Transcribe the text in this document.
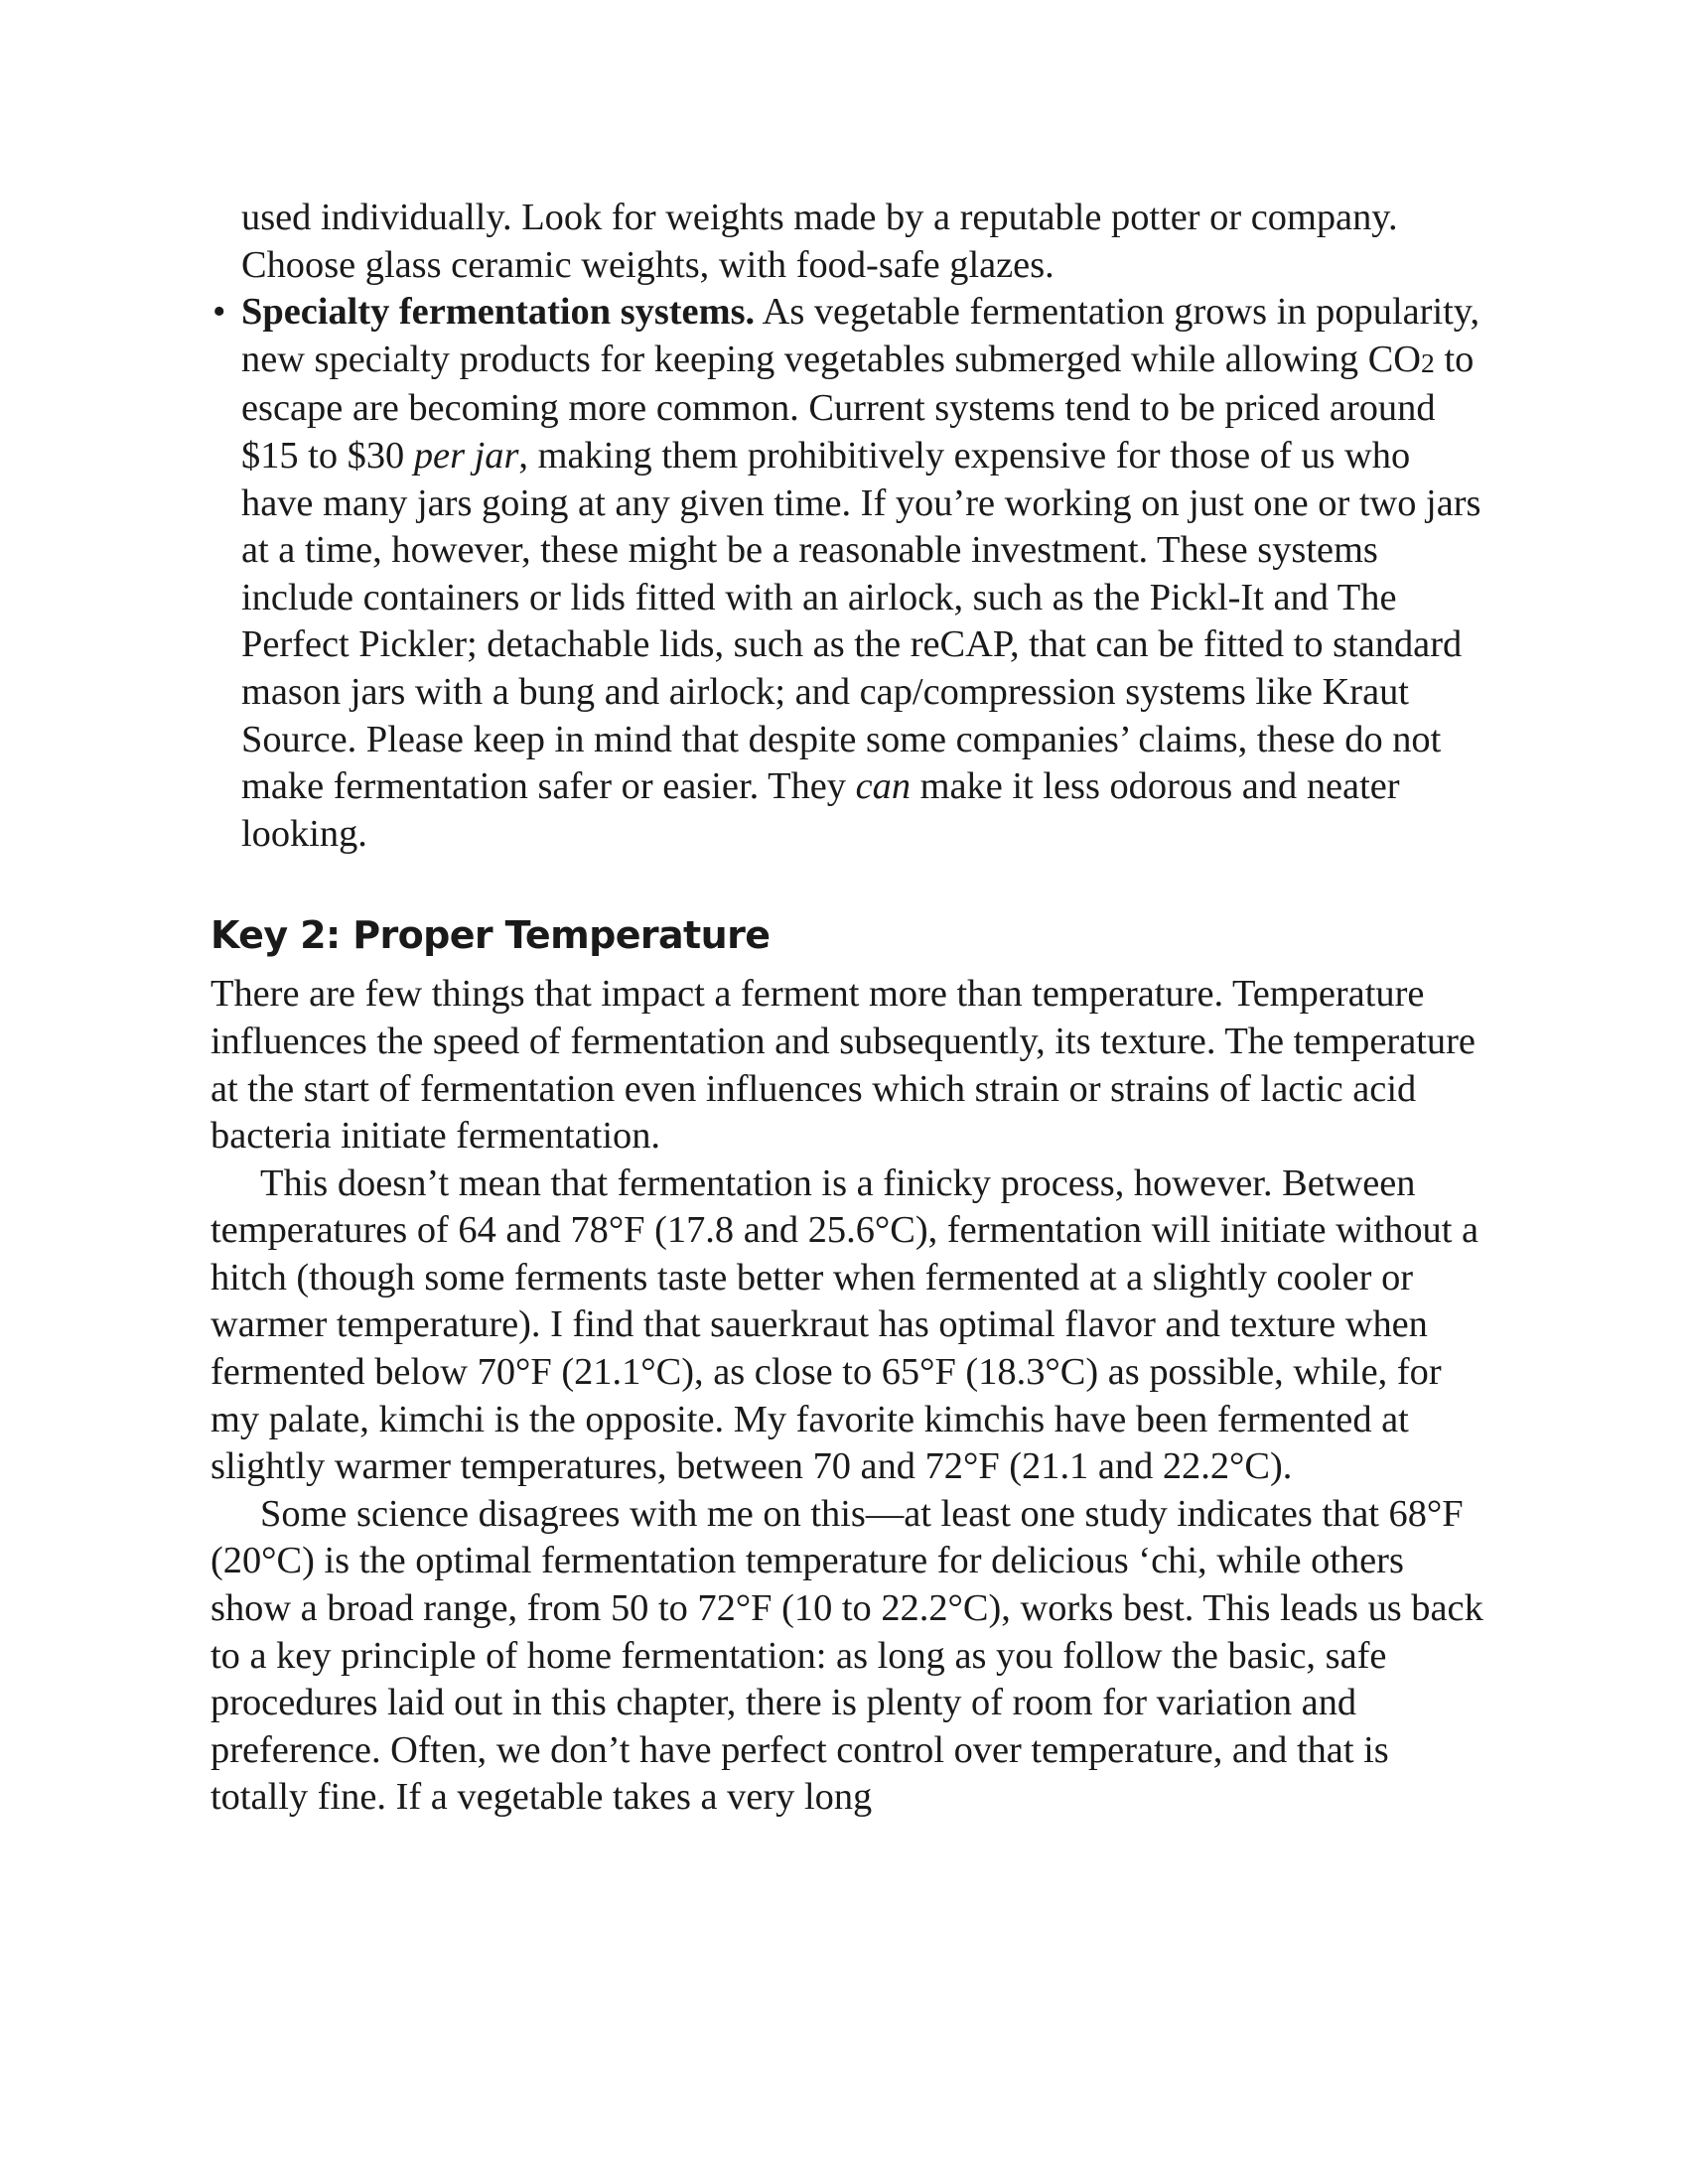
used individually. Look for weights made by a reputable potter or company. Choose glass ceramic weights, with food-safe glazes.

• Specialty fermentation systems. As vegetable fermentation grows in popularity, new specialty products for keeping vegetables submerged while allowing CO2 to escape are becoming more common. Current systems tend to be priced around $15 to $30 per jar, making them prohibitively expensive for those of us who have many jars going at any given time. If you’re working on just one or two jars at a time, however, these might be a reasonable investment. These systems include containers or lids fitted with an airlock, such as the Pickl-It and The Perfect Pickler; detachable lids, such as the reCAP, that can be fitted to standard mason jars with a bung and airlock; and cap/compression systems like Kraut Source. Please keep in mind that despite some companies’ claims, these do not make fermentation safer or easier. They can make it less odorous and neater looking.

Key 2: Proper Temperature

There are few things that impact a ferment more than temperature. Temperature influences the speed of fermentation and subsequently, its texture. The temperature at the start of fermentation even influences which strain or strains of lactic acid bacteria initiate fermentation.

This doesn’t mean that fermentation is a finicky process, however. Between temperatures of 64 and 78°F (17.8 and 25.6°C), fermentation will initiate without a hitch (though some ferments taste better when fermented at a slightly cooler or warmer temperature). I find that sauerkraut has optimal flavor and texture when fermented below 70°F (21.1°C), as close to 65°F (18.3°C) as possible, while, for my palate, kimchi is the opposite. My favorite kimchis have been fermented at slightly warmer temperatures, between 70 and 72°F (21.1 and 22.2°C).

Some science disagrees with me on this—at least one study indicates that 68°F (20°C) is the optimal fermentation temperature for delicious ‘chi, while others show a broad range, from 50 to 72°F (10 to 22.2°C), works best. This leads us back to a key principle of home fermentation: as long as you follow the basic, safe procedures laid out in this chapter, there is plenty of room for variation and preference. Often, we don’t have perfect control over temperature, and that is totally fine. If a vegetable takes a very long
